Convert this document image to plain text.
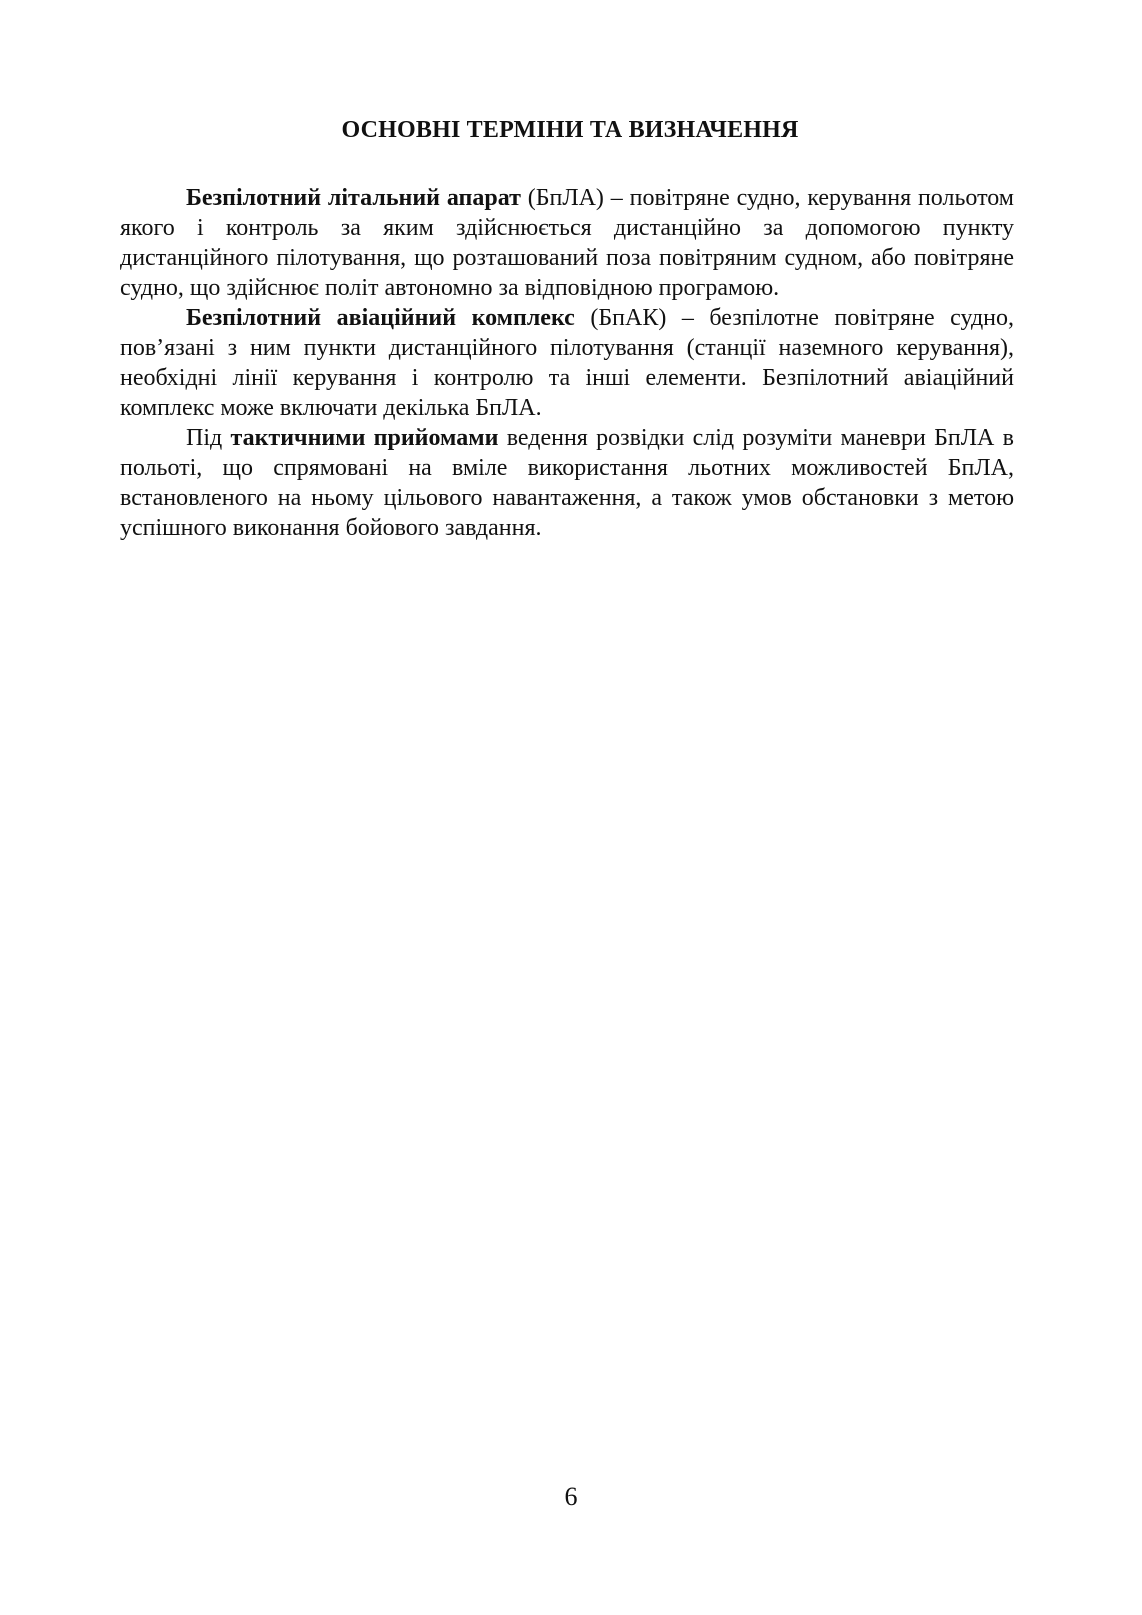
ОСНОВНІ ТЕРМІНИ ТА ВИЗНАЧЕННЯ

Безпілотний літальний апарат (БпЛА) – повітряне судно, керування польотом якого і контроль за яким здійснюється дистанційно за допомогою пункту дистанційного пілотування, що розташований поза повітряним судном, або повітряне судно, що здійснює політ автономно за відповідною програмою.

Безпілотний авіаційний комплекс (БпАК) – безпілотне повітряне судно, пов’язані з ним пункти дистанційного пілотування (станції наземного керування), необхідні лінії керування і контролю та інші елементи. Безпілотний авіаційний комплекс може включати декілька БпЛА.

Під тактичними прийомами ведення розвідки слід розуміти маневри БпЛА в польоті, що спрямовані на вміле використання льотних можливостей БпЛА, встановленого на ньому цільового навантаження, а також умов обстановки з метою успішного виконання бойового завдання.

6
